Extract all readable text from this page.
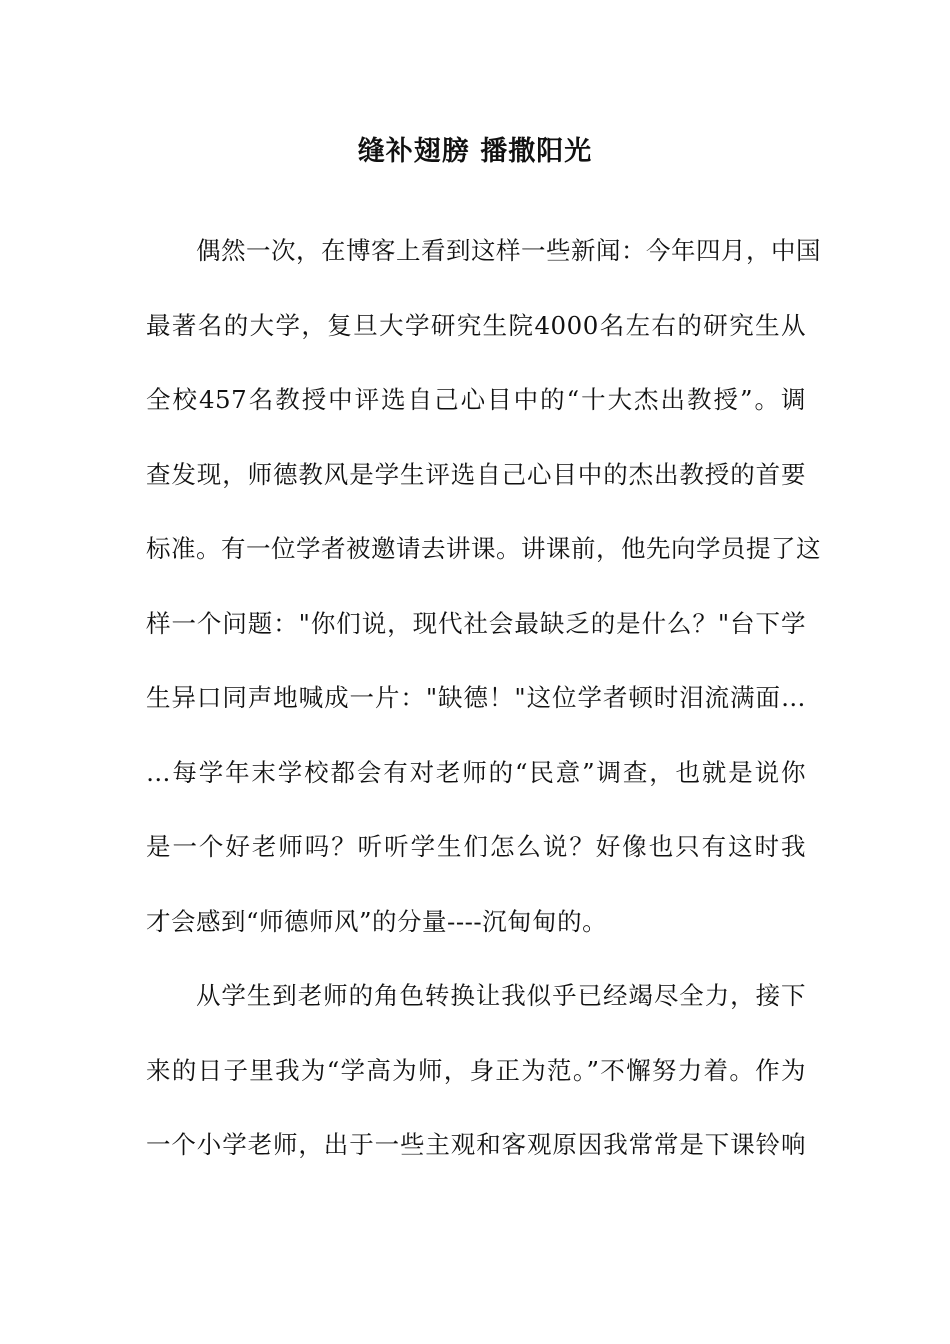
缝补翅膀 播撒阳光

偶然一次，在博客上看到这样一些新闻：今年四月，中国
最著名的大学，复旦大学研究生院4000名左右的研究生从
全校457名教授中评选自己心目中的“十大杰出教授”。调
查发现，师德教风是学生评选自己心目中的杰出教授的首要
标准。有一位学者被邀请去讲课。讲课前，他先向学员提了这
样一个问题："你们说，现代社会最缺乏的是什么？"台下学
生异口同声地喊成一片："缺德！"这位学者顿时泪流满面…
…每学年末学校都会有对老师的“民意”调查，也就是说你
是一个好老师吗？听听学生们怎么说？好像也只有这时我
才会感到“师德师风”的分量----沉甸甸的。

从学生到老师的角色转换让我似乎已经竭尽全力，接下
来的日子里我为“学高为师，身正为范。”不懈努力着。作为
一个小学老师，出于一些主观和客观原因我常常是下课铃响
